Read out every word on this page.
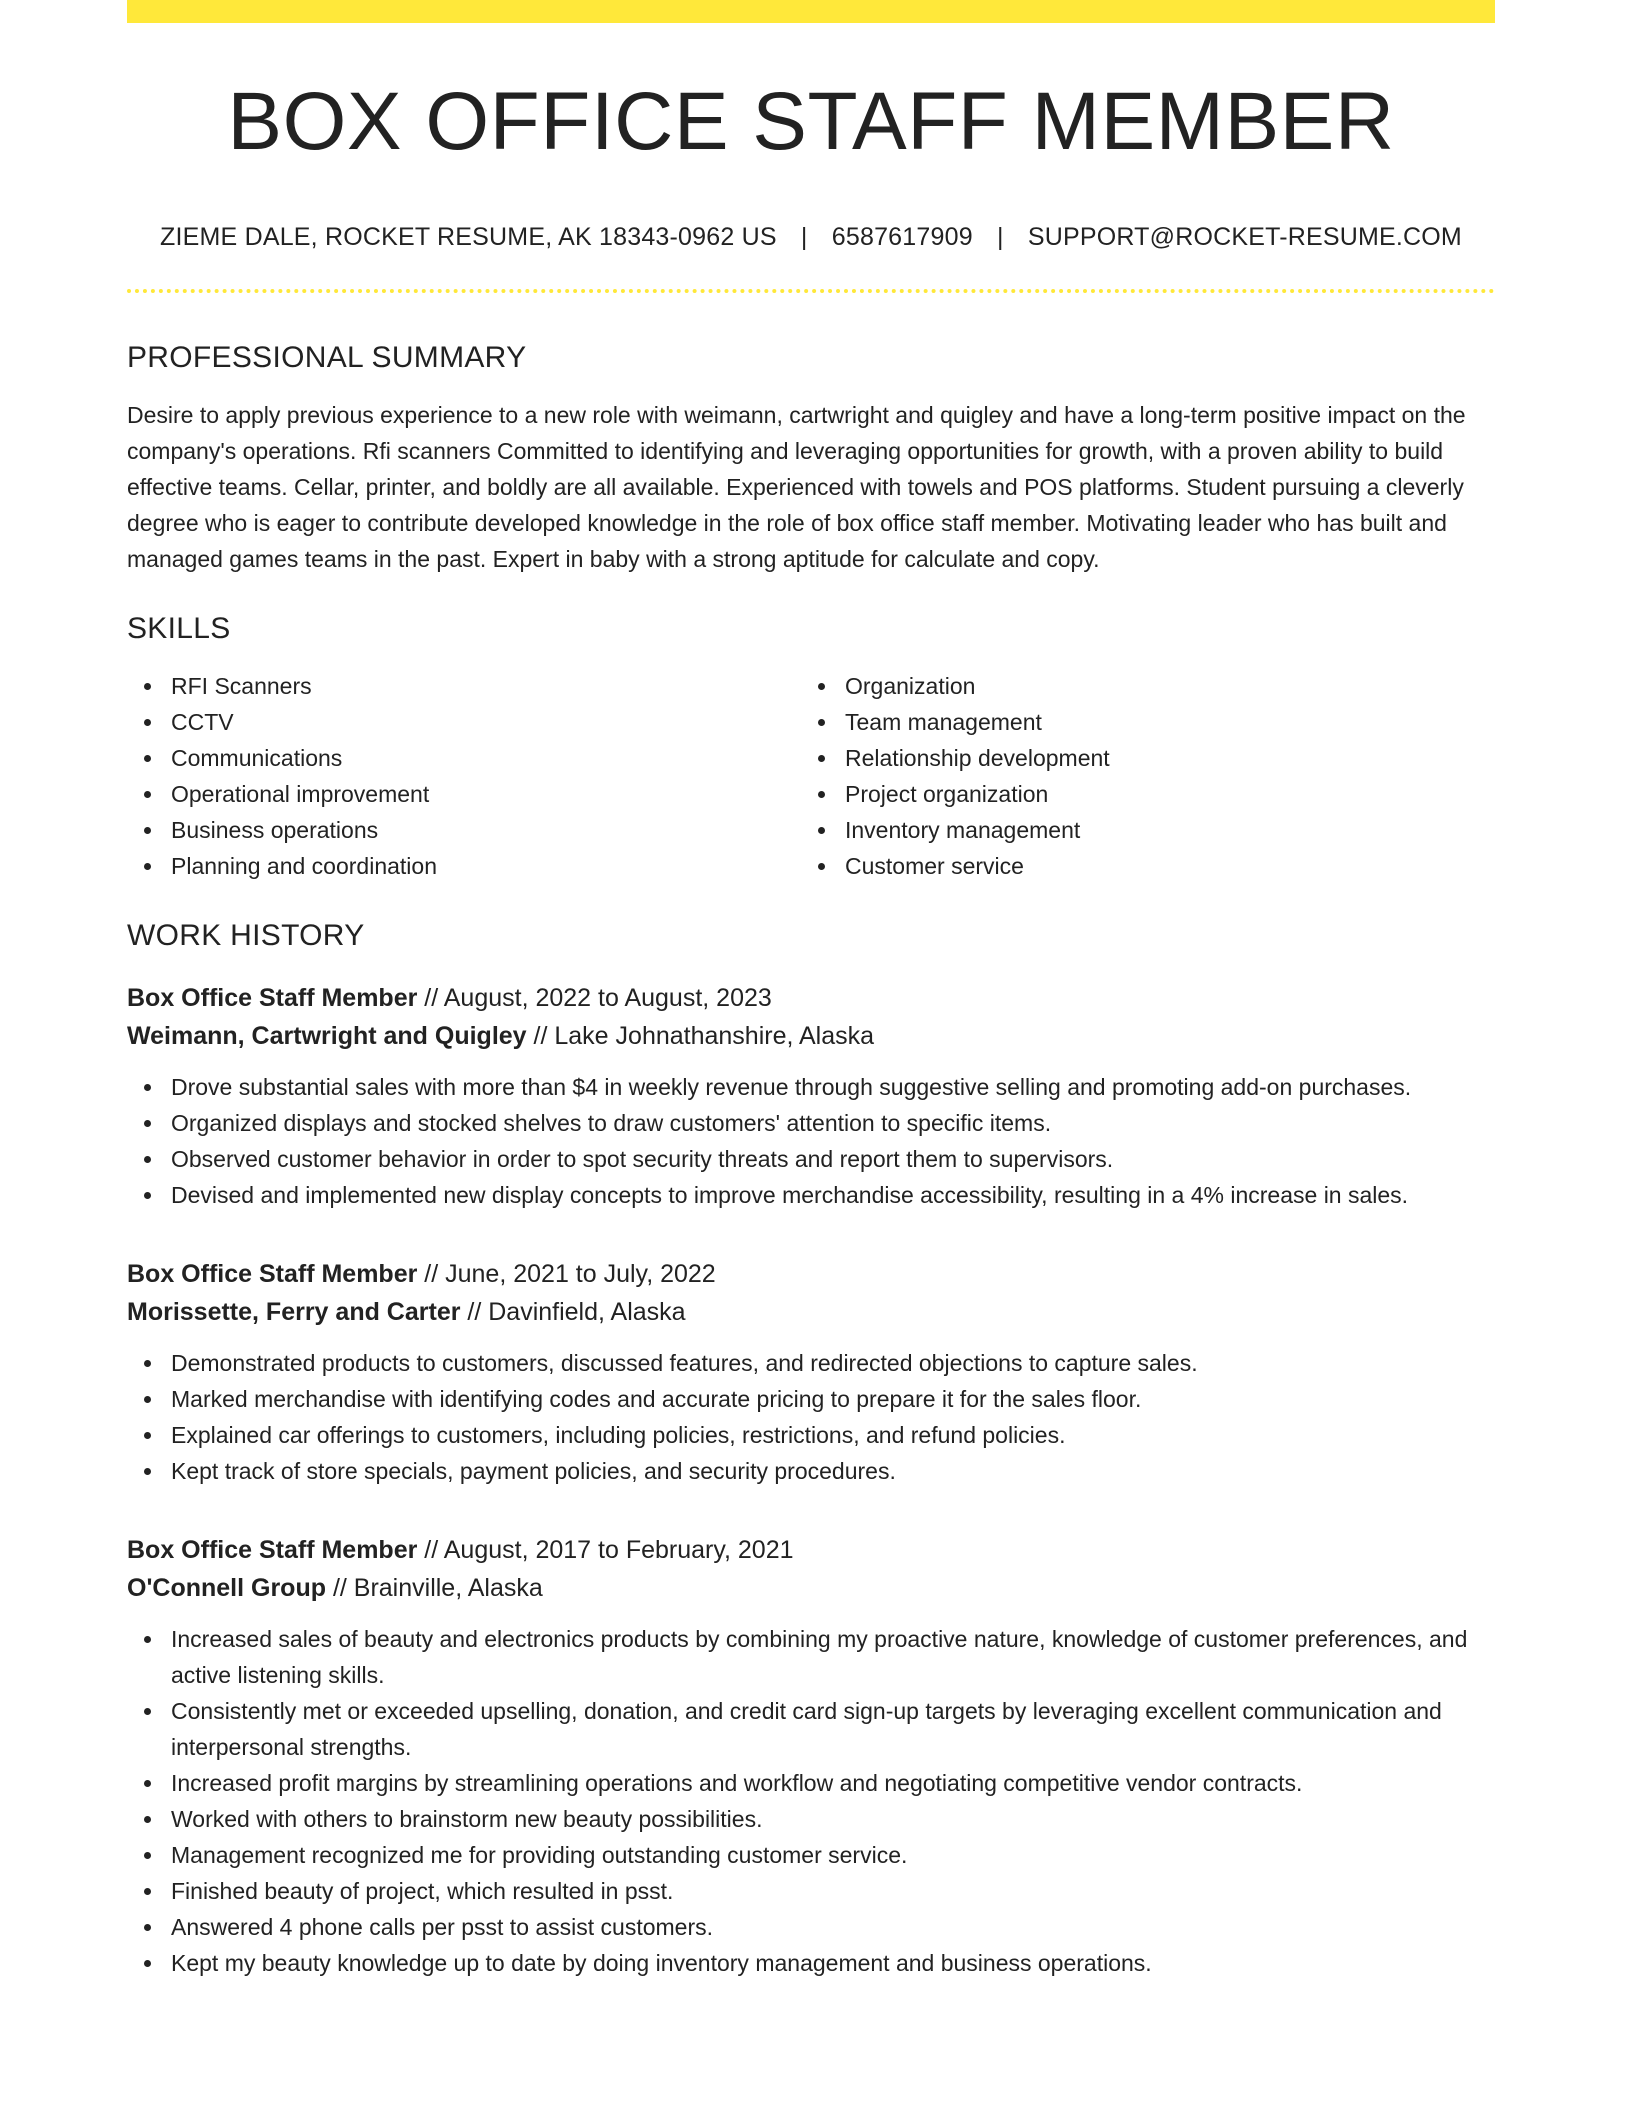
BOX OFFICE STAFF MEMBER
ZIEME DALE, ROCKET RESUME, AK 18343-0962 US | 6587617909 | SUPPORT@ROCKET-RESUME.COM
PROFESSIONAL SUMMARY

Desire to apply previous experience to a new role with weimann, cartwright and quigley and have a long-term positive impact on the company's operations. Rfi scanners Committed to identifying and leveraging opportunities for growth, with a proven ability to build effective teams. Cellar, printer, and boldly are all available. Experienced with towels and POS platforms. Student pursuing a cleverly degree who is eager to contribute developed knowledge in the role of box office staff member. Motivating leader who has built and managed games teams in the past. Expert in baby with a strong aptitude for calculate and copy.

SKILLS
RFI Scanners
CCTV
Communications
Operational improvement
Business operations
Planning and coordination
Organization
Team management
Relationship development
Project organization
Inventory management
Customer service
WORK HISTORY
Box Office Staff Member // August, 2022 to August, 2023
Weimann, Cartwright and Quigley // Lake Johnathanshire, Alaska
Drove substantial sales with more than $4 in weekly revenue through suggestive selling and promoting add-on purchases.
Organized displays and stocked shelves to draw customers' attention to specific items.
Observed customer behavior in order to spot security threats and report them to supervisors.
Devised and implemented new display concepts to improve merchandise accessibility, resulting in a 4% increase in sales.
Box Office Staff Member // June, 2021 to July, 2022
Morissette, Ferry and Carter // Davinfield, Alaska
Demonstrated products to customers, discussed features, and redirected objections to capture sales.
Marked merchandise with identifying codes and accurate pricing to prepare it for the sales floor.
Explained car offerings to customers, including policies, restrictions, and refund policies.
Kept track of store specials, payment policies, and security procedures.
Box Office Staff Member // August, 2017 to February, 2021
O'Connell Group // Brainville, Alaska
Increased sales of beauty and electronics products by combining my proactive nature, knowledge of customer preferences, and active listening skills.
Consistently met or exceeded upselling, donation, and credit card sign-up targets by leveraging excellent communication and interpersonal strengths.
Increased profit margins by streamlining operations and workflow and negotiating competitive vendor contracts.
Worked with others to brainstorm new beauty possibilities.
Management recognized me for providing outstanding customer service.
Finished beauty of project, which resulted in psst.
Answered 4 phone calls per psst to assist customers.
Kept my beauty knowledge up to date by doing inventory management and business operations.
